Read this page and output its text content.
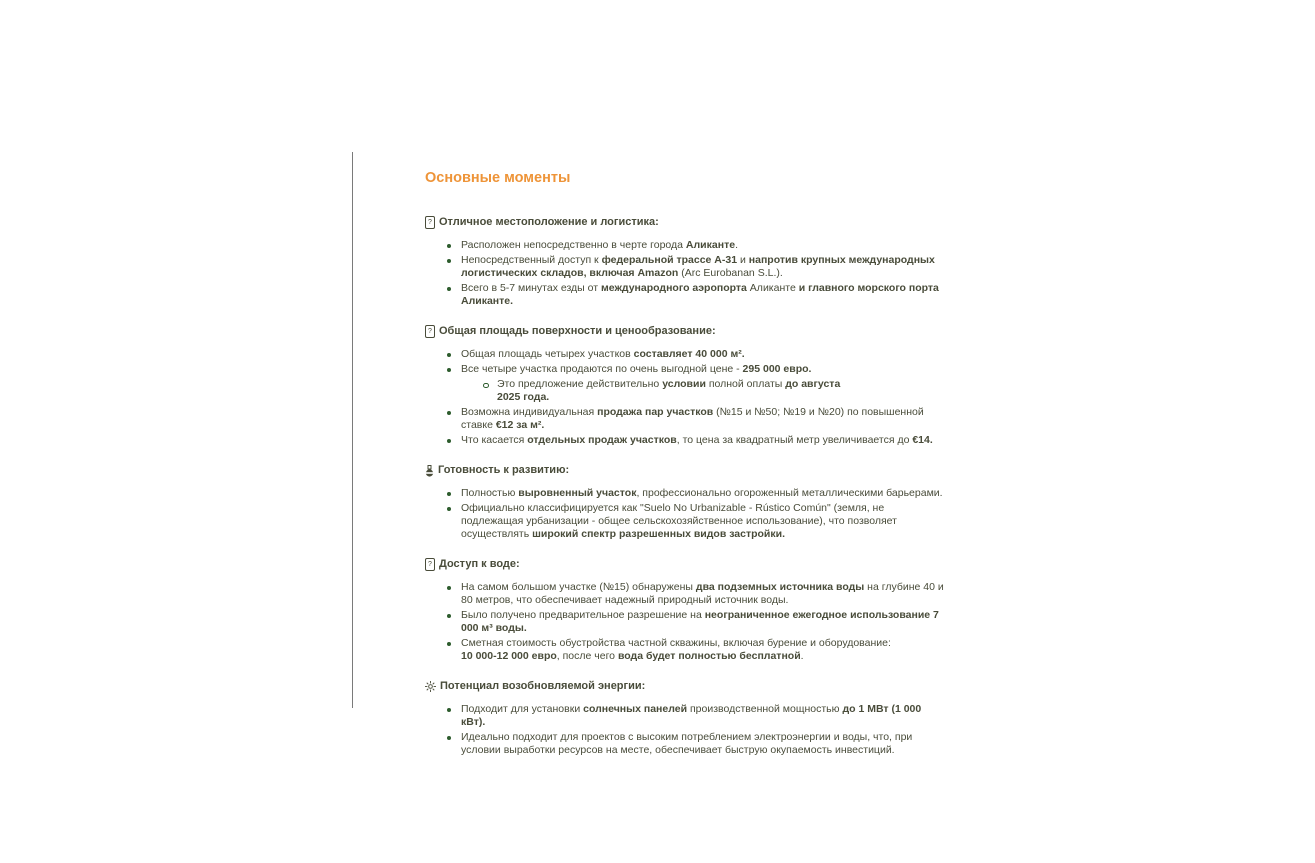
Основные моменты
? Отличное местоположение и логистика:
Расположен непосредственно в черте города Аликанте.
Непосредственный доступ к федеральной трассе А-31 и напротив крупных международных логистических складов, включая Amazon (Arc Eurobanan S.L.).
Всего в 5-7 минутах езды от международного аэропорта Аликанте и главного морского порта Аликанте.
? Общая площадь поверхности и ценообразование:
Общая площадь четырех участков составляет 40 000 м².
Все четыре участка продаются по очень выгодной цене - 295 000 евро.
Это предложение действительно условии полной оплаты до августа 2025 года.
Возможна индивидуальная продажа пар участков (№15 и №50; №19 и №20) по повышенной ставке €12 за м².
Что касается отдельных продаж участков, то цена за квадратный метр увеличивается до €14.
Готовность к развитию:
Полностью выровненный участок, профессионально огороженный металлическими барьерами.
Официально классифицируется как "Suelo No Urbanizable - Rústico Común" (земля, не подлежащая урбанизации - общее сельскохозяйственное использование), что позволяет осуществлять широкий спектр разрешенных видов застройки.
? Доступ к воде:
На самом большом участке (№15) обнаружены два подземных источника воды на глубине 40 и 80 метров, что обеспечивает надежный природный источник воды.
Было получено предварительное разрешение на неограниченное ежегодное использование 7 000 м³ воды.
Сметная стоимость обустройства частной скважины, включая бурение и оборудование:
10 000-12 000 евро, после чего вода будет полностью бесплатной.
Потенциал возобновляемой энергии:
Подходит для установки солнечных панелей производственной мощностью до 1 МВт (1 000 кВт).
Идеально подходит для проектов с высоким потреблением электроэнергии и воды, что, при условии выработки ресурсов на месте, обеспечивает быструю окупаемость инвестиций.
